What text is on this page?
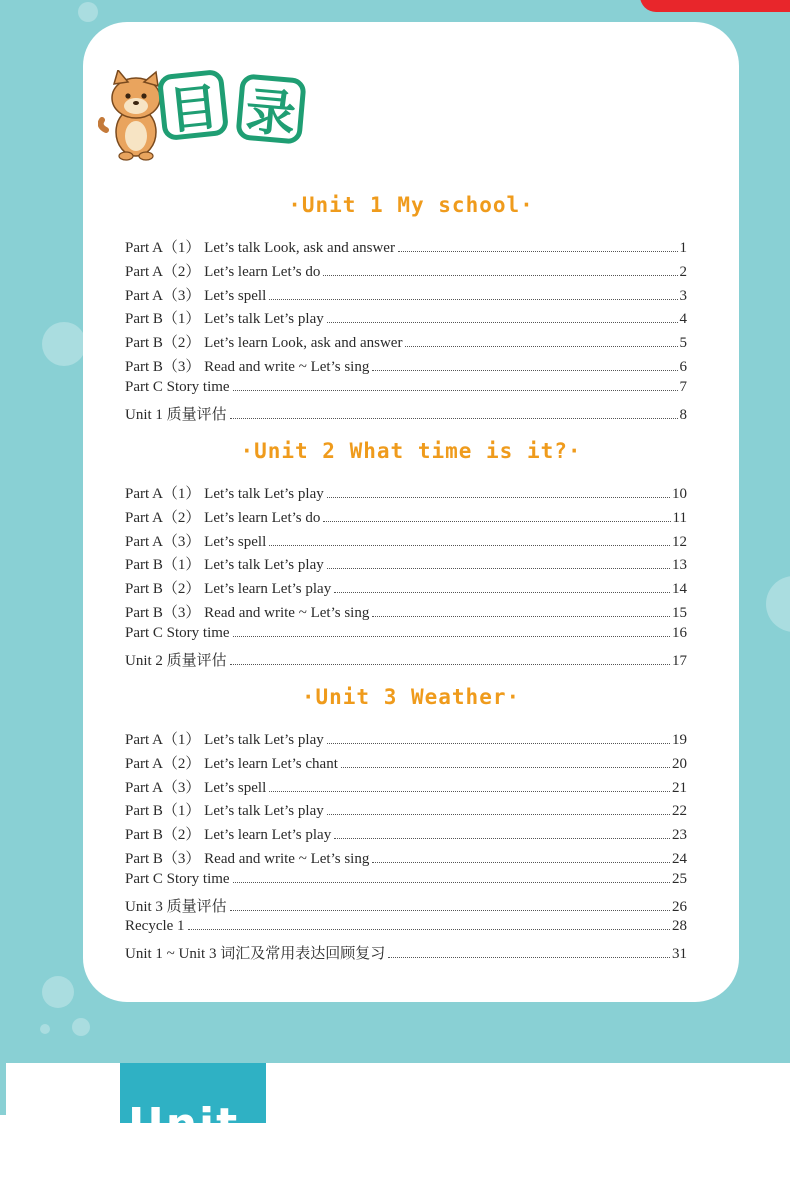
目 录
·Unit 1 My school·
Part A（1） Let’s talk Look, ask and answer	1
Part A（2） Let’s learn Let’s do	2
Part A（3） Let’s spell	3
Part B（1） Let’s talk Let’s play	4
Part B（2） Let’s learn Look, ask and answer	5
Part B（3） Read and write ~ Let’s sing	6
Part C Story time	7
Unit 1 质量评估	8
·Unit 2 What time is it?·
Part A（1） Let’s talk Let’s play	10
Part A（2） Let’s learn Let’s do	11
Part A（3） Let’s spell	12
Part B（1） Let’s talk Let’s play	13
Part B（2） Let’s learn Let’s play	14
Part B（3） Read and write ~ Let’s sing	15
Part C Story time	16
Unit 2 质量评估	17
·Unit 3 Weather·
Part A（1） Let’s talk Let’s play	19
Part A（2） Let’s learn Let’s chant	20
Part A（3） Let’s spell	21
Part B（1） Let’s talk Let’s play	22
Part B（2） Let’s learn Let’s play	23
Part B（3） Read and write ~ Let’s sing	24
Part C Story time	25
Unit 3 质量评估	26
Recycle 1	28
Unit 1 ~ Unit 3 词汇及常用表达回顾复习	31
Unit 1
